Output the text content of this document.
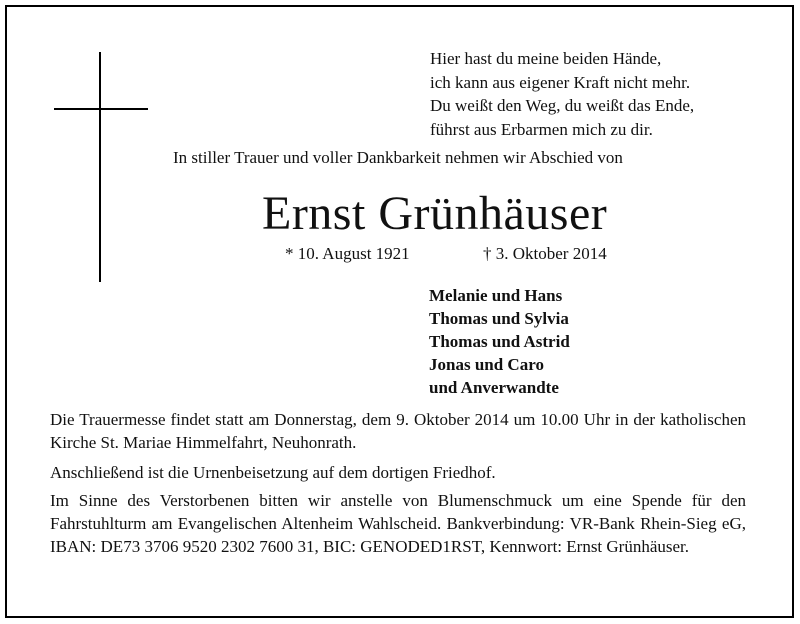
Hier hast du meine beiden Hände,
ich kann aus eigener Kraft nicht mehr.
Du weißt den Weg, du weißt das Ende,
führst aus Erbarmen mich zu dir.
In stiller Trauer und voller Dankbarkeit nehmen wir Abschied von
Ernst Grünhäuser
* 10. August 1921	† 3. Oktober 2014
Melanie und Hans
Thomas und Sylvia
Thomas und Astrid
Jonas und Caro
und Anverwandte
Die Trauermesse findet statt am Donnerstag, dem 9. Oktober 2014 um 10.00 Uhr in der katholischen Kirche St. Mariae Himmelfahrt, Neuhonrath.
Anschließend ist die Urnenbeisetzung auf dem dortigen Friedhof.
Im Sinne des Verstorbenen bitten wir anstelle von Blumenschmuck um eine Spende für den Fahrstuhlturm am Evangelischen Altenheim Wahlscheid. Bankverbindung: VR-Bank Rhein-Sieg eG, IBAN: DE73 3706 9520 2302 7600 31, BIC: GENODED1RST, Kennwort: Ernst Grünhäuser.
